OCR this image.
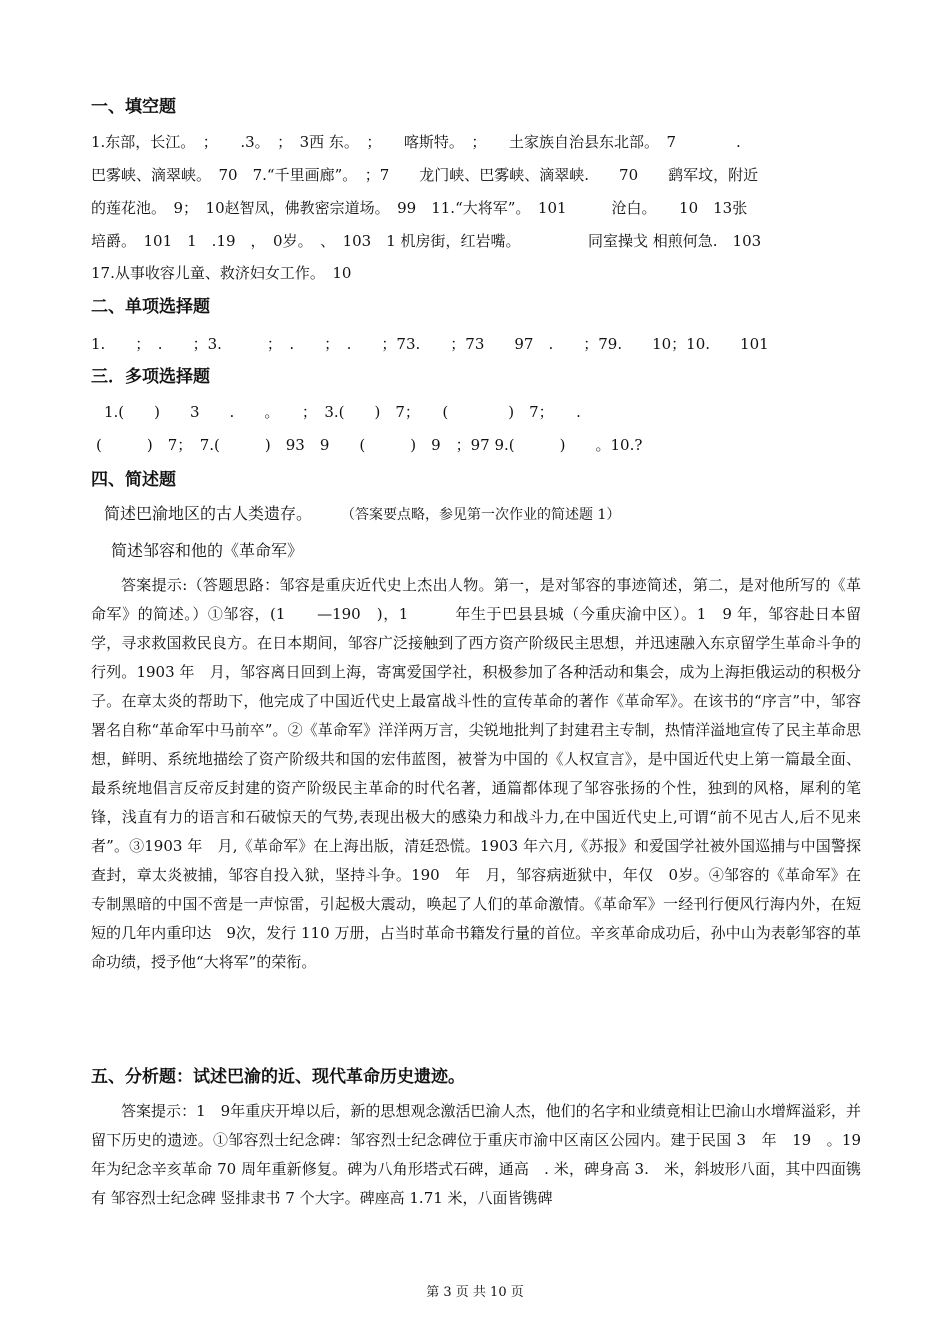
一、填空题
1.东部，长江。　；　　.3。　；　3西 东。　；　　喀斯特。　；　　土家族自治县东北部。　7　　　　.
巴雾峡、滴翠峡。　70　7.“千里画廊”。　；7　　龙门峡、巴雾峡、滴翠峡.　　70　　鹞军坟，附近
的莲花池。　9；　10赵智凤，佛教密宗道场。　99　11.“大将军”。　101　　　沧白。　　10　13张
培爵。　101　1　.19　，　0岁。　、　103　1 机房街，红岩嘴。　　　　　同室操戈 相煎何急.　103
17.从事收容儿童、救济妇女工作。　10
二、单项选择题
1.　　；　.　　；3.　　　；　.　　；　.　　；73.　　；73　　97　.　　；79.　　10；10.　　101
三．多项选择题
1.(　　)　　3　　.　　。　　；　3.(　　)　7；　　(　　　　)　7；　　.
(　　　)　7；　7.(　　　)　93　9　　(　　　)　9　；97 9.(　　　)　　。10.?
四、简述题
简述巴渝地区的古人类遗存。	（答案要点略，参见第一次作业的简述题 1）
简述邹容和他的《革命军》
答案提示:（答题思路：邹容是重庆近代史上杰出人物。第一，是对邹容的事迹简述，第二，是对他所写的《革命军》的简述。）①邹容，(1　　—190　)，1　　　年生于巴县县城（今重庆渝中区）。1　9 年，邹容赴日本留学，寻求救国救民良方。在日本期间，邹容广泛接触到了西方资产阶级民主思想，并迅速融入东京留学生革命斗争的行列。1903 年　月，邹容离日回到上海，寄寓爱国学社，积极参加了各种活动和集会，成为上海拒俄运动的积极分子。在章太炎的帮助下，他完成了中国近代史上最富战斗性的宣传革命的著作《革命军》。在该书的“序言”中，邹容署名自称“革命军中马前卒”。②《革命军》洋洋两万言，尖锐地批判了封建君主专制，热情洋溢地宣传了民主革命思想，鲜明、系统地描绘了资产阶级共和国的宏伟蓝图，被誉为中国的《人权宣言》，是中国近代史上第一篇最全面、最系统地倡言反帝反封建的资产阶级民主革命的时代名著，通篇都体现了邹容张扬的个性，独到的风格，犀利的笔锋，浅直有力的语言和石破惊天的气势,表现出极大的感染力和战斗力,在中国近代史上,可谓“前不见古人,后不见来者”。③1903 年　月,《革命军》在上海出版，清廷恐慌。1903 年六月,《苏报》和爱国学社被外国巡捕与中国警探查封，章太炎被捕，邹容自投入狱，坚持斗争。190　年　月，邹容病逝狱中，年仅　0岁。④邹容的《革命军》在专制黑暗的中国不啻是一声惊雷，引起极大震动，唤起了人们的革命激情。《革命军》一经刊行便风行海内外，在短短的几年内重印达　9次，发行 110 万册，占当时革命书籍发行量的首位。辛亥革命成功后，孙中山为表彰邹容的革命功绩，授予他“大将军”的荣衔。
五、分析题：试述巴渝的近、现代革命历史遗迹。
答案提示：1　9年重庆开埠以后，新的思想观念激活巴渝人杰，他们的名字和业绩竟相让巴渝山水增辉溢彩，并留下历史的遗迹。①邹容烈士纪念碑：邹容烈士纪念碑位于重庆市渝中区南区公园内。建于民国 3　年　19　。19　年为纪念辛亥革命 70 周年重新修复。碑为八角形塔式石碑，通高　. 米，碑身高 3.　米，斜坡形八面，其中四面镌有 邹容烈士纪念碑 竖排隶书 7 个大字。碑座高 1.71 米，八面皆镌碑
第 3 页 共 10 页
